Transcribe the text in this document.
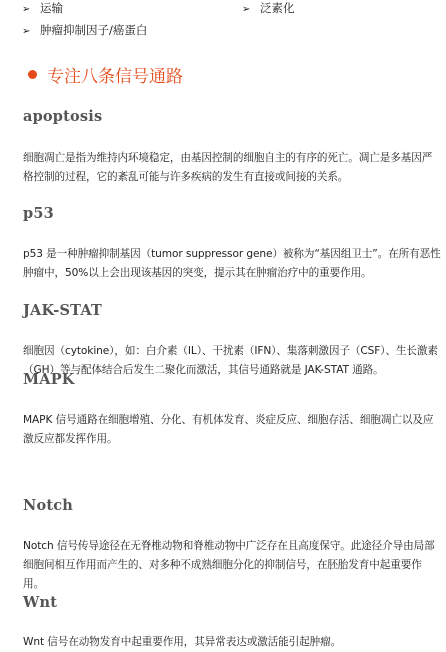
➢ 运输	➢ 泛素化
➢ 肿瘤抑制因子/癌蛋白
专注八条信号通路
apoptosis
细胞凋亡是指为维持内环境稳定，由基因控制的细胞自主的有序的死亡。凋亡是多基因严格控制的过程，它的紊乱可能与许多疾病的发生有直接或间接的关系。
p53
p53 是一种肿瘤抑制基因（tumor suppressor gene）被称为“基因组卫士”。在所有恶性肿瘤中，50%以上会出现该基因的突变，提示其在肿瘤治疗中的重要作用。
JAK-STAT
细胞因（cytokine），如：白介素（IL）、干扰素（IFN）、集落刺激因子（CSF）、生长激素（GH）等与配体结合后发生二聚化而激活，其信号通路就是 JAK-STAT 通路。
MAPK
MAPK 信号通路在细胞增殖、分化、有机体发育、炎症反应、细胞存活、细胞凋亡以及应激反应都发挥作用。
Notch
Notch 信号传导途径在无脊椎动物和脊椎动物中广泛存在且高度保守。此途径介导由局部细胞间相互作用而产生的、对多种不成熟细胞分化的抑制信号，在胚胎发育中起重要作用。
Wnt
Wnt 信号在动物发育中起重要作用，其异常表达或激活能引起肿瘤。
